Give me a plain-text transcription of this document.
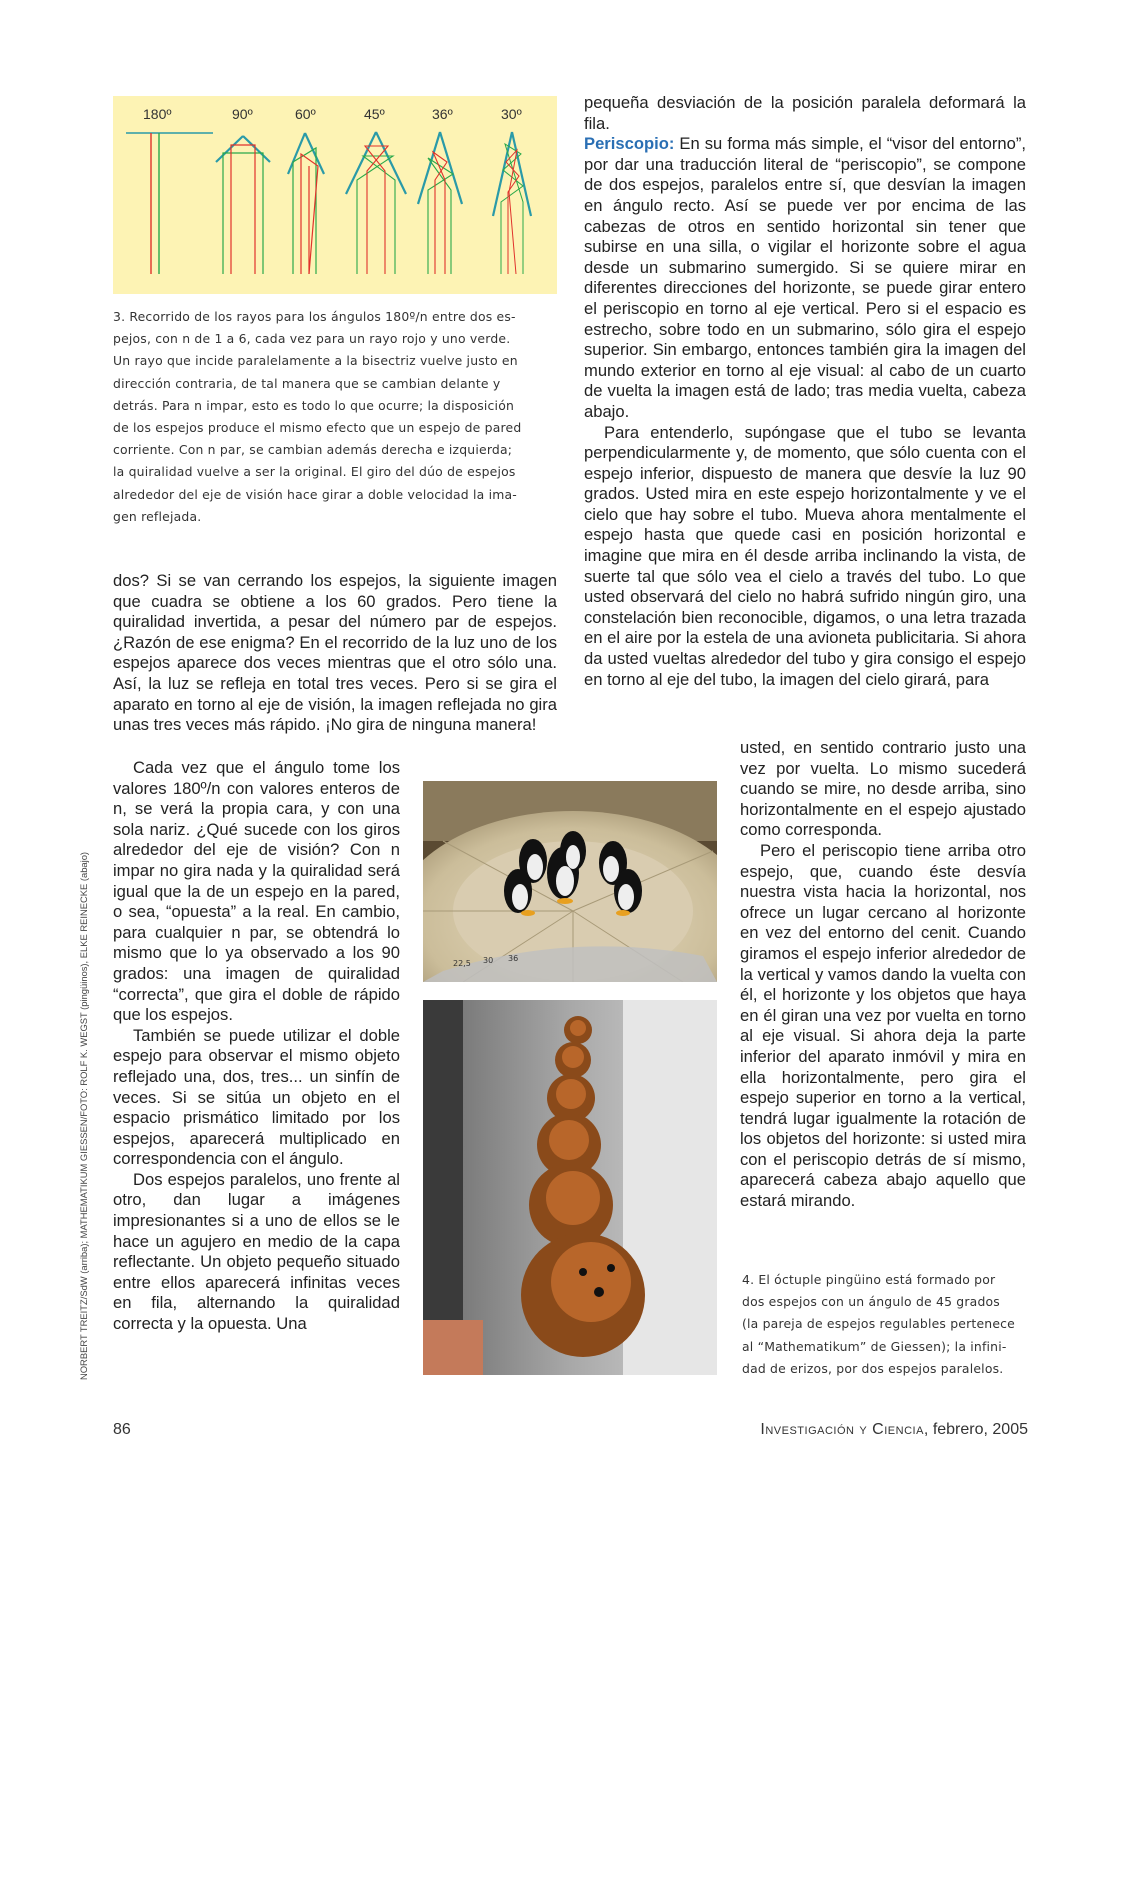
180º	90º	60º	45º	36º	30º
3. Recorrido de los rayos para los ángulos 180º/n entre dos es-
pejos, con n de 1 a 6, cada vez para un rayo rojo y uno verde.
Un rayo que incide paralelamente a la bisectriz vuelve justo en
dirección contraria, de tal manera que se cambian delante y
detrás. Para n impar, esto es todo lo que ocurre; la disposición
de los espejos produce el mismo efecto que un espejo de pared
corriente. Con n par, se cambian además derecha e izquierda;
la quiralidad vuelve a ser la original. El giro del dúo de espejos
alrededor del eje de visión hace girar a doble velocidad la ima-
gen reflejada.

dos? Si se van cerrando los espejos, la siguiente imagen que cuadra se obtiene a los 60 grados. Pero tiene la quiralidad invertida, a pesar del número par de espejos. ¿Razón de ese enigma? En el recorrido de la luz uno de los espejos aparece dos veces mientras que el otro sólo una. Así, la luz se refleja en total tres veces. Pero si se gira el aparato en torno al eje de visión, la imagen reflejada no gira unas tres veces más rápido. ¡No gira de ninguna manera!

Cada vez que el ángulo tome los valores 180º/n con valores enteros de n, se verá la propia cara, y con una sola nariz. ¿Qué sucede con los giros alrededor del eje de visión? Con n impar no gira nada y la quiralidad será igual que la de un espejo en la pared, o sea, “opuesta” a la real. En cambio, para cualquier n par, se obtendrá lo mismo que lo ya observado a los 90 grados: una imagen de quiralidad “correcta”, que gira el doble de rápido que los espejos.

También se puede utilizar el doble espejo para observar el mismo objeto reflejado una, dos, tres... un sinfín de veces. Si se sitúa un objeto en el espacio prismático limitado por los espejos, aparecerá multiplicado en correspondencia con el ángulo.

Dos espejos paralelos, uno frente al otro, dan lugar a imágenes impresionantes si a uno de ellos se le hace un agujero en medio de la capa reflectante. Un objeto pequeño situado entre ellos aparecerá infinitas veces en fila, alternando la quiralidad correcta y la opuesta. Una

pequeña desviación de la posición paralela deformará la fila.

Periscopio: En su forma más simple, el “visor del entorno”, por dar una traducción literal de “periscopio”, se compone de dos espejos, paralelos entre sí, que desvían la imagen en ángulo recto. Así se puede ver por encima de las cabezas de otros en sentido horizontal sin tener que subirse en una silla, o vigilar el horizonte sobre el agua desde un submarino sumergido. Si se quiere mirar en diferentes direcciones del horizonte, se puede girar entero el periscopio en torno al eje vertical. Pero si el espacio es estrecho, sobre todo en un submarino, sólo gira el espejo superior. Sin embargo, entonces también gira la imagen del mundo exterior en torno al eje visual: al cabo de un cuarto de vuelta la imagen está de lado; tras media vuelta, cabeza abajo.

Para entenderlo, supóngase que el tubo se levanta perpendicularmente y, de momento, que sólo cuenta con el espejo inferior, dispuesto de manera que desvíe la luz 90 grados. Usted mira en este espejo horizontalmente y ve el cielo que hay sobre el tubo. Mueva ahora mentalmente el espejo hasta que quede casi en posición horizontal e imagine que mira en él desde arriba inclinando la vista, de suerte tal que sólo vea el cielo a través del tubo. Lo que usted observará del cielo no habrá sufrido ningún giro, una constelación bien reconocible, digamos, o una letra trazada en el aire por la estela de una avioneta publicitaria. Si ahora da usted vueltas alrededor del tubo y gira consigo el espejo en torno al eje del tubo, la imagen del cielo girará, para

usted, en sentido contrario justo una vez por vuelta. Lo mismo sucederá cuando se mire, no desde arriba, sino horizontalmente en el espejo ajustado como corresponda.

Pero el periscopio tiene arriba otro espejo, que, cuando éste desvía nuestra vista hacia la horizontal, nos ofrece un lugar cercano al horizonte en vez del entorno del cenit. Cuando giramos el espejo inferior alrededor de la vertical y vamos dando la vuelta con él, el horizonte y los objetos que haya en él giran una vez por vuelta en torno al eje visual. Si ahora deja la parte inferior del aparato inmóvil y mira en ella horizontalmente, pero gira el espejo superior en torno a la vertical, tendrá lugar igualmente la rotación de los objetos del horizonte: si usted mira con el periscopio detrás de sí mismo, aparecerá cabeza abajo aquello que estará mirando.

22,5 30 36
4. El óctuple pingüino está formado por
dos espejos con un ángulo de 45 grados
(la pareja de espejos regulables pertenece
al “Mathematikum” de Giessen); la infini-
dad de erizos, por dos espejos paralelos.
NORBERT TREITZ/SdW (arriba); MATHEMATIKUM GIESSEN/FOTO: ROLF K. WEGST (pingüinos), ELKE REINECKE (abajo)
86	Investigación y Ciencia, febrero, 2005
